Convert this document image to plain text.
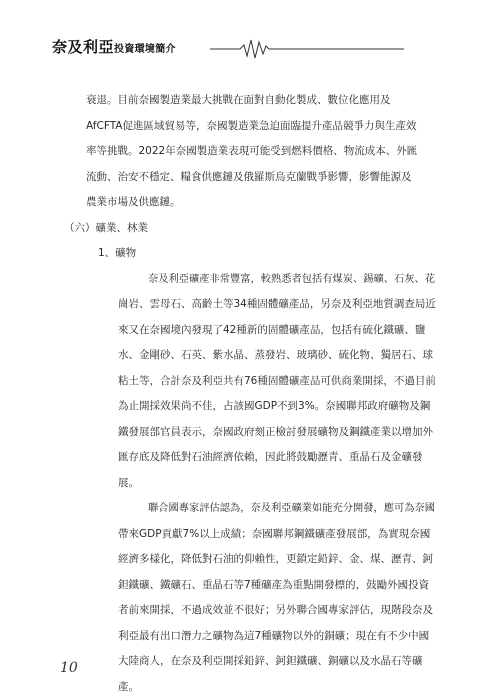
奈及利亞投資環境簡介
衰退。目前奈國製造業最大挑戰在面對自動化製成、數位化應用及
AfCFTA促進區域貿易等，奈國製造業急迫面臨提升產品競爭力與生產效
率等挑戰。2022年奈國製造業表現可能受到燃料價格、物流成本、外匯
流動、治安不穩定、糧食供應鏈及俄羅斯烏克蘭戰爭影響，影響能源及
農業市場及供應鏈。
（六）礦業、林業
1、礦物
奈及利亞礦產非常豐富，較熟悉者包括有煤炭、錫礦、石灰、花
崗岩、雲母石、高齡土等34種固體礦產品，另奈及利亞地質調查局近
來又在奈國境內發現了42種新的固體礦產品，包括有硫化鐵礦、鹽
水、金剛砂、石英、紫水晶、蒸發岩、玻璃砂、硫化物、獨居石、球
粘土等，合計奈及利亞共有76種固體礦產品可供商業開採，不過目前
為止開採效果尚不佳，占該國GDP不到3%。奈國聯邦政府礦物及鋼
鐵發展部官員表示，奈國政府刻正檢討發展礦物及鋼鐵產業以增加外
匯存底及降低對石油經濟依賴，因此將鼓勵瀝青、重晶石及金礦發
展。
聯合國專家評估認為，奈及利亞礦業如能充分開發，應可為奈國
帶來GDP貢獻7%以上成績；奈國聯邦鋼鐵礦產發展部，為實現奈國
經濟多樣化，降低對石油的仰賴性，更鎖定鉛鋅、金、煤、瀝青、鈳
鉭鐵礦、鐵礦石、重晶石等7種礦產為重點開發標的，鼓勵外國投資
者前來開採，不過成效並不很好；另外聯合國專家評估，現階段奈及
利亞最有出口潛力之礦物為這7種礦物以外的銅礦；現在有不少中國
大陸商人，在奈及利亞開採鉛鋅、鈳鉭鐵礦、銅礦以及水晶石等礦
產。
10
